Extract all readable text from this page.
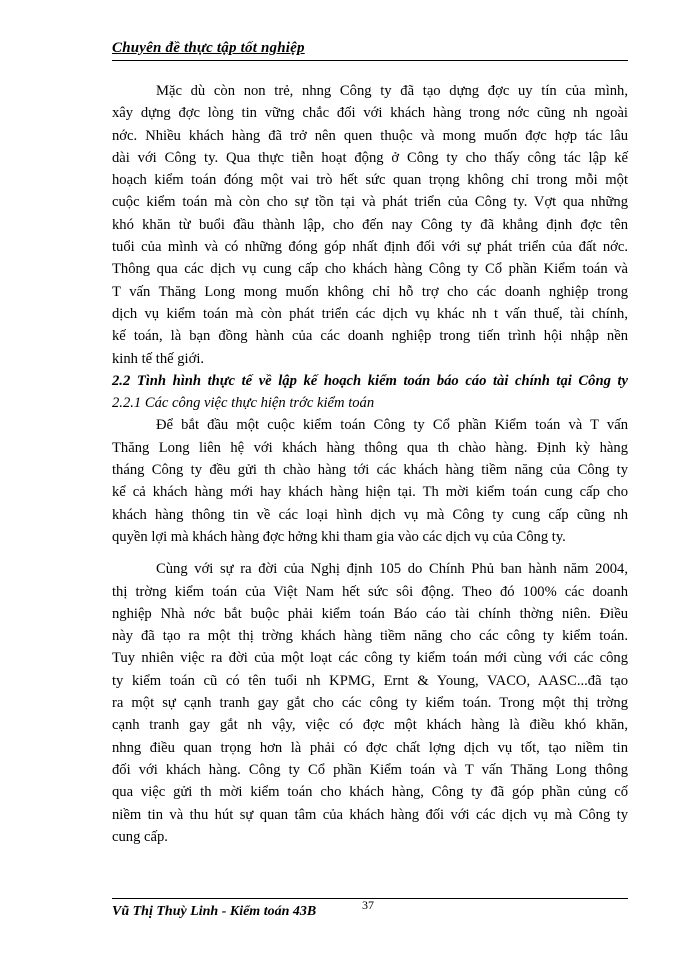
Chuyên đề thực tập tốt nghiệp
Mặc dù còn non trẻ, nhng Công ty đã tạo dựng đợc uy tín của mình,
xây dựng đợc lòng tin vững chắc đối với khách hàng trong nớc cũng nh ngoài
nớc. Nhiều khách hàng đã trở nên quen thuộc và mong muốn đợc hợp tác lâu
dài với Công ty. Qua thực tiễn hoạt động ở Công ty cho thấy công tác lập kế
hoạch kiểm toán đóng một vai trò hết sức quan trọng không chỉ trong mỗi một
cuộc kiểm toán mà còn cho sự tồn tại và phát triển của Công ty. Vợt qua những
khó khăn từ buổi đầu thành lập, cho đến nay Công ty đã khẳng định đợc tên
tuổi của mình và có những đóng góp nhất định đối với sự phát triển của đất nớc.
Thông qua các dịch vụ cung cấp cho khách hàng Công ty Cổ phần Kiểm toán và
T vấn Thăng Long mong muốn không chỉ hỗ trợ cho các doanh nghiệp trong
dịch vụ kiểm toán mà còn phát triển các dịch vụ khác nh t vấn thuế, tài chính,
kế toán, là bạn đồng hành của các doanh nghiệp trong tiến trình hội nhập nền
kinh tế thế giới.
2.2 Tình hình thực tế về lập kế hoạch kiểm toán báo cáo tài chính tại Công ty
2.2.1 Các công việc thực hiện trớc kiểm toán
Để bắt đầu một cuộc kiểm toán Công ty Cổ phần Kiểm toán và T vấn
Thăng Long liên hệ với khách hàng thông qua th chào hàng. Định kỳ hàng
tháng Công ty đều gửi th chào hàng tới các khách hàng tiềm năng của Công ty
kể cả khách hàng mới hay khách hàng hiện tại. Th mời kiểm toán cung cấp cho
khách hàng thông tin về các loại hình dịch vụ mà Công ty cung cấp cũng nh
quyền lợi mà khách hàng đợc hởng khi tham gia vào các dịch vụ của Công ty.
Cùng với sự ra đời của Nghị định 105 do Chính Phủ ban hành năm 2004,
thị trờng kiểm toán của Việt Nam hết sức sôi động. Theo đó 100% các doanh
nghiệp Nhà nớc bắt buộc phải kiểm toán Báo cáo tài chính thờng niên. Điều
này đã tạo ra một thị trờng khách hàng tiềm năng cho các công ty kiểm toán.
Tuy nhiên việc ra đời của một loạt các công ty kiểm toán mới cùng với các công
ty kiểm toán cũ có tên tuổi nh KPMG, Ernt & Young, VACO, AASC...đã tạo
ra một sự cạnh tranh gay gắt cho các công ty kiểm toán. Trong một thị trờng
cạnh tranh gay gắt nh vậy, việc có đợc một khách hàng là điều khó khăn,
nhng điều quan trọng hơn là phải có đợc chất lợng dịch vụ tốt, tạo niềm tin
đối với khách hàng. Công ty Cổ phần Kiểm toán và T vấn Thăng Long thông
qua việc gửi th mời kiểm toán cho khách hàng, Công ty đã góp phần củng cố
niềm tin và thu hút sự quan tâm của khách hàng đối với các dịch vụ mà Công ty
cung cấp.
Vũ Thị Thuỳ Linh - Kiểm toán 43B	37
